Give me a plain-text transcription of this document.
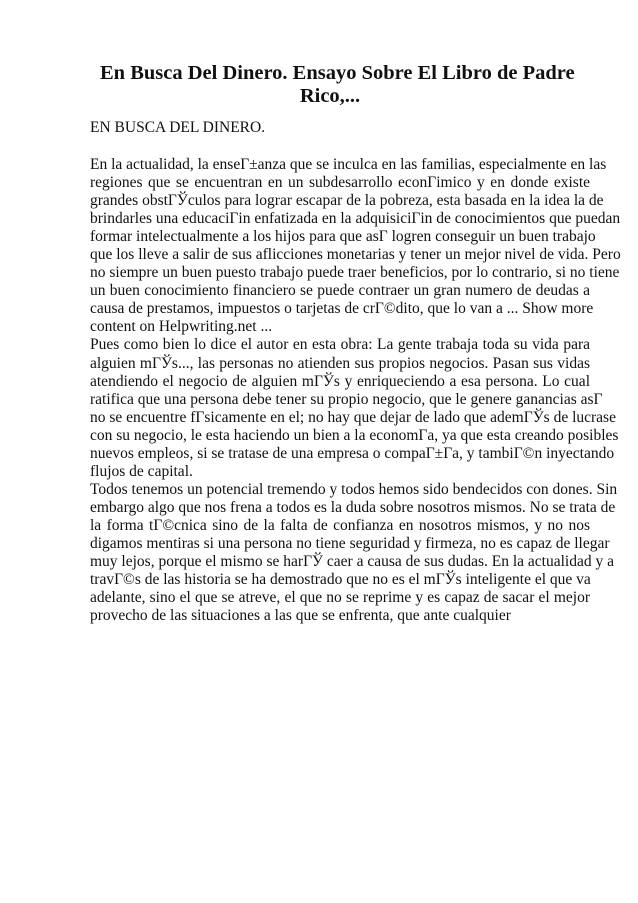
En Busca Del Dinero. Ensayo Sobre El Libro de Padre
Rico,...
EN BUSCA DEL DINERO.
En la actualidad, la enseГ±anza que se inculca en las familias, especialmente en las
regiones que se encuentran en un subdesarrollo econГіmico y en donde existe
grandes obstГЎculos para lograr escapar de la pobreza, esta basada en la idea la de
brindarles una educaciГіn enfatizada en la adquisiciГіn de conocimientos que puedan
formar intelectualmente a los hijos para que asГ logren conseguir un buen trabajo
que los lleve a salir de sus aflicciones monetarias y tener un mejor nivel de vida. Pero
no siempre un buen puesto trabajo puede traer beneficios, por lo contrario, si no tiene
un buen conocimiento financiero se puede contraer un gran numero de deudas a
causa de prestamos, impuestos o tarjetas de crГ©dito, que lo van a ... Show more
content on Helpwriting.net ...
Pues como bien lo dice el autor en esta obra: La gente trabaja toda su vida para
alguien mГЎs..., las personas no atienden sus propios negocios. Pasan sus vidas
atendiendo el negocio de alguien mГЎs y enriqueciendo a esa persona. Lo cual
ratifica que una persona debe tener su propio negocio, que le genere ganancias asГ
no se encuentre fГsicamente en el; no hay que dejar de lado que ademГЎs de lucrase
con su negocio, le esta haciendo un bien a la economГa, ya que esta creando posibles
nuevos empleos, si se tratase de una empresa o compaГ±Гa, y tambiГ©n inyectando
flujos de capital.
Todos tenemos un potencial tremendo y todos hemos sido bendecidos con dones. Sin
embargo algo que nos frena a todos es la duda sobre nosotros mismos. No se trata de
la forma tГ©cnica sino de la falta de confianza en nosotros mismos, y no nos
digamos mentiras si una persona no tiene seguridad y firmeza, no es capaz de llegar
muy lejos, porque el mismo se harГЎ caer a causa de sus dudas. En la actualidad y a
travГ©s de las historia se ha demostrado que no es el mГЎs inteligente el que va
adelante, sino el que se atreve, el que no se reprime y es capaz de sacar el mejor
provecho de las situaciones a las que se enfrenta, que ante cualquier
